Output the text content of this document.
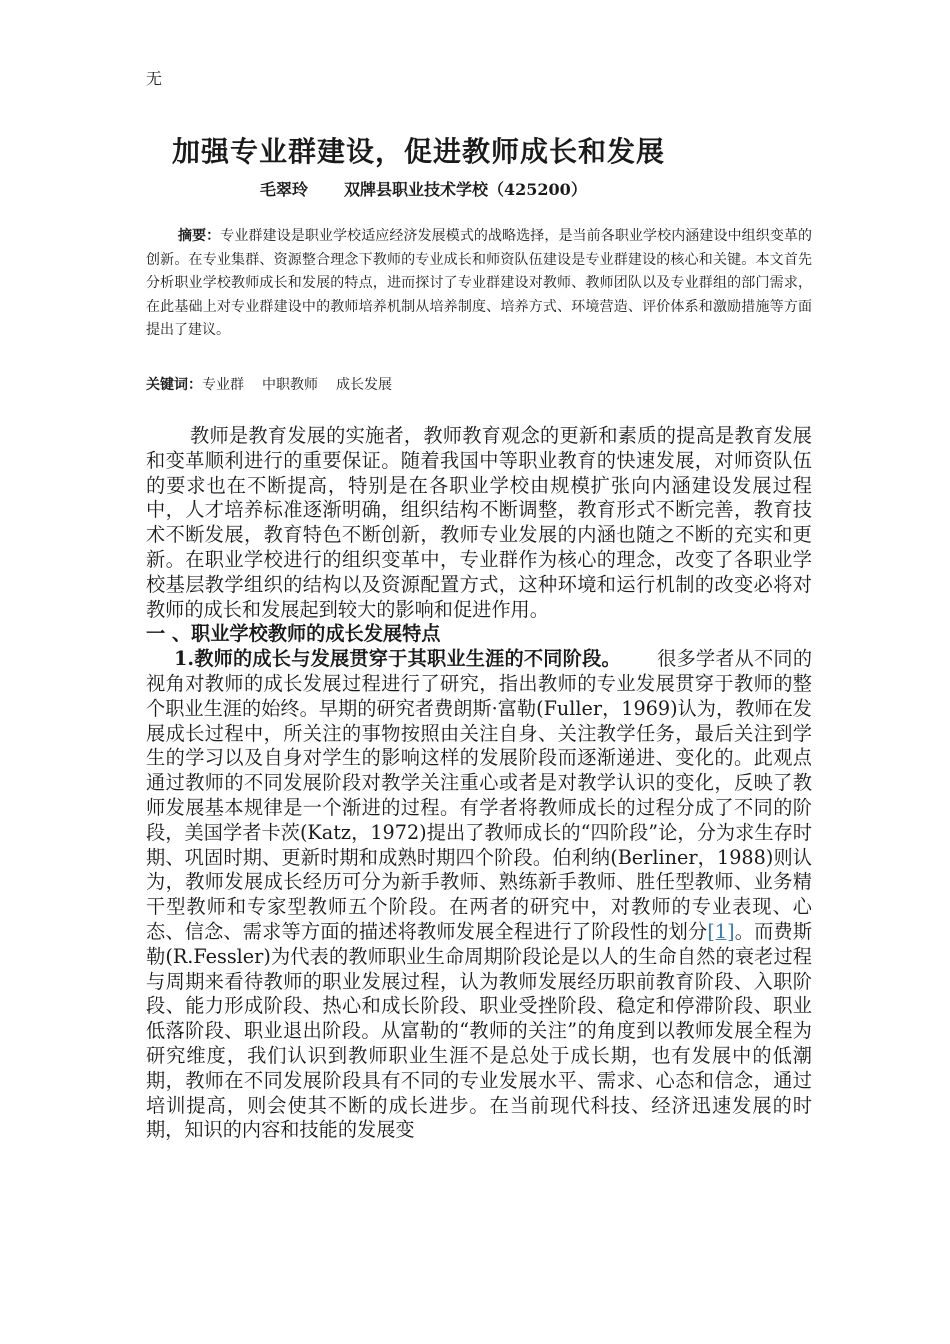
无
加强专业群建设，促进教师成长和发展
毛翠玲 双牌县职业技术学校（425200）
摘要：专业群建设是职业学校适应经济发展模式的战略选择，是当前各职业学校内涵建设中组织变革的创新。在专业集群、资源整合理念下教师的专业成长和师资队伍建设是专业群建设的核心和关键。本文首先分析职业学校教师成长和发展的特点，进而探讨了专业群建设对教师、教师团队以及专业群组的部门需求，在此基础上对专业群建设中的教师培养机制从培养制度、培养方式、环境营造、评价体系和激励措施等方面提出了建议。
关键词：专业群 中职教师 成长发展

教师是教育发展的实施者，教师教育观念的更新和素质的提高是教育发展和变革顺利进行的重要保证。随着我国中等职业教育的快速发展，对师资队伍的要求也在不断提高，特别是在各职业学校由规模扩张向内涵建设发展过程中，人才培养标准逐渐明确，组织结构不断调整，教育形式不断完善，教育技术不断发展，教育特色不断创新，教师专业发展的内涵也随之不断的充实和更新。在职业学校进行的组织变革中，专业群作为核心的理念，改变了各职业学校基层教学组织的结构以及资源配置方式，这种环境和运行机制的改变必将对教师的成长和发展起到较大的影响和促进作用。

一 、职业学校教师的成长发展特点

1.教师的成长与发展贯穿于其职业生涯的不同阶段。 很多学者从不同的视角对教师的成长发展过程进行了研究，指出教师的专业发展贯穿于教师的整个职业生涯的始终。早期的研究者费朗斯·富勒(Fuller，1969)认为，教师在发展成长过程中，所关注的事物按照由关注自身、关注教学任务，最后关注到学生的学习以及自身对学生的影响这样的发展阶段而逐渐递进、变化的。此观点通过教师的不同发展阶段对教学关注重心或者是对教学认识的变化，反映了教师发展基本规律是一个渐进的过程。有学者将教师成长的过程分成了不同的阶段，美国学者卡茨(Katz，1972)提出了教师成长的“四阶段”论，分为求生存时期、巩固时期、更新时期和成熟时期四个阶段。伯利纳(Berliner，1988)则认为，教师发展成长经历可分为新手教师、熟练新手教师、胜任型教师、业务精干型教师和专家型教师五个阶段。在两者的研究中，对教师的专业表现、心态、信念、需求等方面的描述将教师发展全程进行了阶段性的划分[1]。而费斯勒(R.Fessler)为代表的教师职业生命周期阶段论是以人的生命自然的衰老过程与周期来看待教师的职业发展过程，认为教师发展经历职前教育阶段、入职阶段、能力形成阶段、热心和成长阶段、职业受挫阶段、稳定和停滞阶段、职业低落阶段、职业退出阶段。从富勒的“教师的关注”的角度到以教师发展全程为研究维度，我们认识到教师职业生涯不是总处于成长期，也有发展中的低潮期，教师在不同发展阶段具有不同的专业发展水平、需求、心态和信念，通过培训提高，则会使其不断的成长进步。在当前现代科技、经济迅速发展的时期，知识的内容和技能的发展变
